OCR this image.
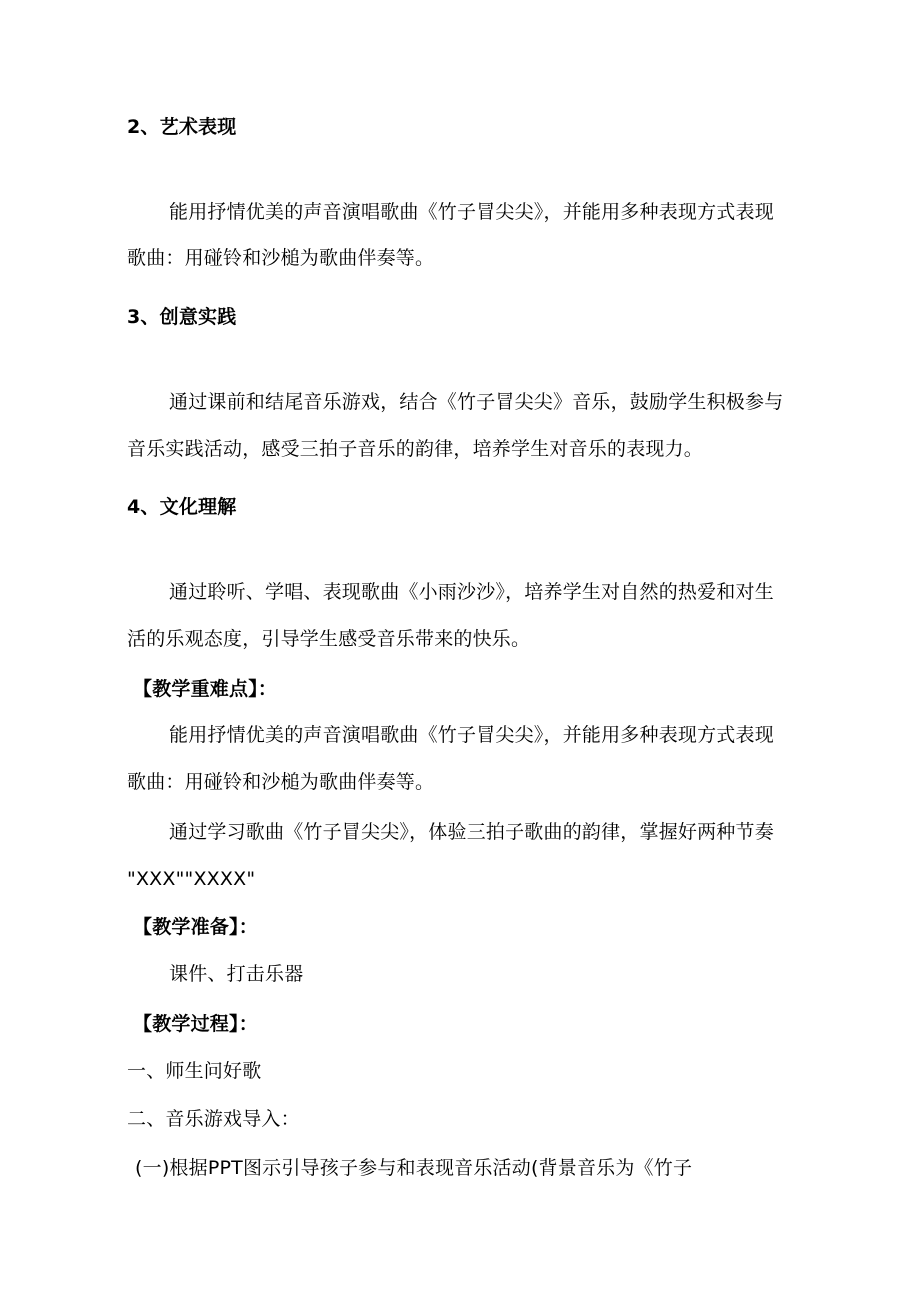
2、艺术表现
能用抒情优美的声音演唱歌曲《竹子冒尖尖》，并能用多种表现方式表现
歌曲：用碰铃和沙槌为歌曲伴奏等。
3、创意实践
通过课前和结尾音乐游戏，结合《竹子冒尖尖》音乐，鼓励学生积极参与
音乐实践活动，感受三拍子音乐的韵律，培养学生对音乐的表现力。
4、文化理解
通过聆听、学唱、表现歌曲《小雨沙沙》，培养学生对自然的热爱和对生
活的乐观态度，引导学生感受音乐带来的快乐。
【教学重难点】：
能用抒情优美的声音演唱歌曲《竹子冒尖尖》，并能用多种表现方式表现
歌曲：用碰铃和沙槌为歌曲伴奏等。
通过学习歌曲《竹子冒尖尖》，体验三拍子歌曲的韵律，掌握好两种节奏
"XXX""XXXX"
【教学准备】：
课件、打击乐器
【教学过程】：
一、师生问好歌
二、音乐游戏导入：
(一)根据PPT图示引导孩子参与和表现音乐活动(背景音乐为《竹子
